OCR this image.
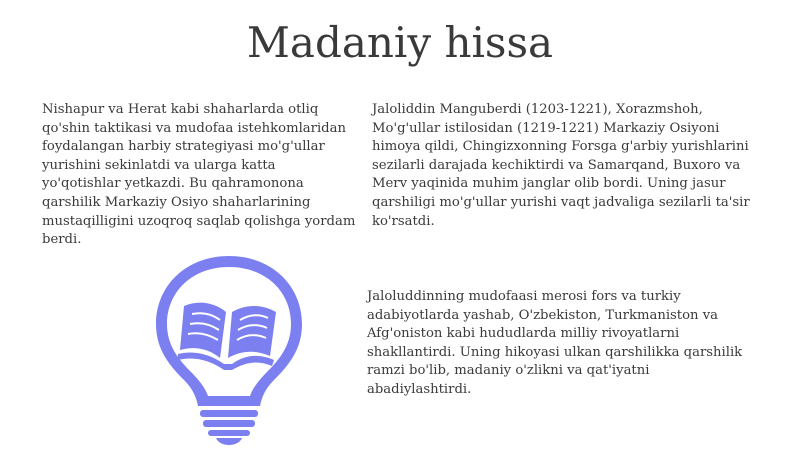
Madaniy hissa

Nishapur va Herat kabi shaharlarda otliq qo'shin taktikasi va mudofaa istehkomlaridan foydalangan harbiy strategiyasi mo'g'ullar yurishini sekinlatdi va ularga katta yo'qotishlar yetkazdi. Bu qahramonona qarshilik Markaziy Osiyo shaharlarining mustaqilligini uzoqroq saqlab qolishga yordam berdi.

Jaloliddin Manguberdi (1203-1221), Xorazmshoh, Mo'g'ullar istilosidan (1219-1221) Markaziy Osiyoni himoya qildi, Chingizxonning Forsga g'arbiy yurishlarini sezilarli darajada kechiktirdi va Samarqand, Buxoro va Merv yaqinida muhim janglar olib bordi. Uning jasur qarshiligi mo'g'ullar yurishi vaqt jadvaliga sezilarli ta'sir ko'rsatdi.

Jaloluddinning mudofaasi merosi fors va turkiy adabiyotlarda yashab, O'zbekiston, Turkmaniston va Afg'oniston kabi hududlarda milliy rivoyatlarni shakllantirdi. Uning hikoyasi ulkan qarshilikka qarshilik ramzi bo'lib, madaniy o'zlikni va qat'iyatni abadiylashtirdi.
